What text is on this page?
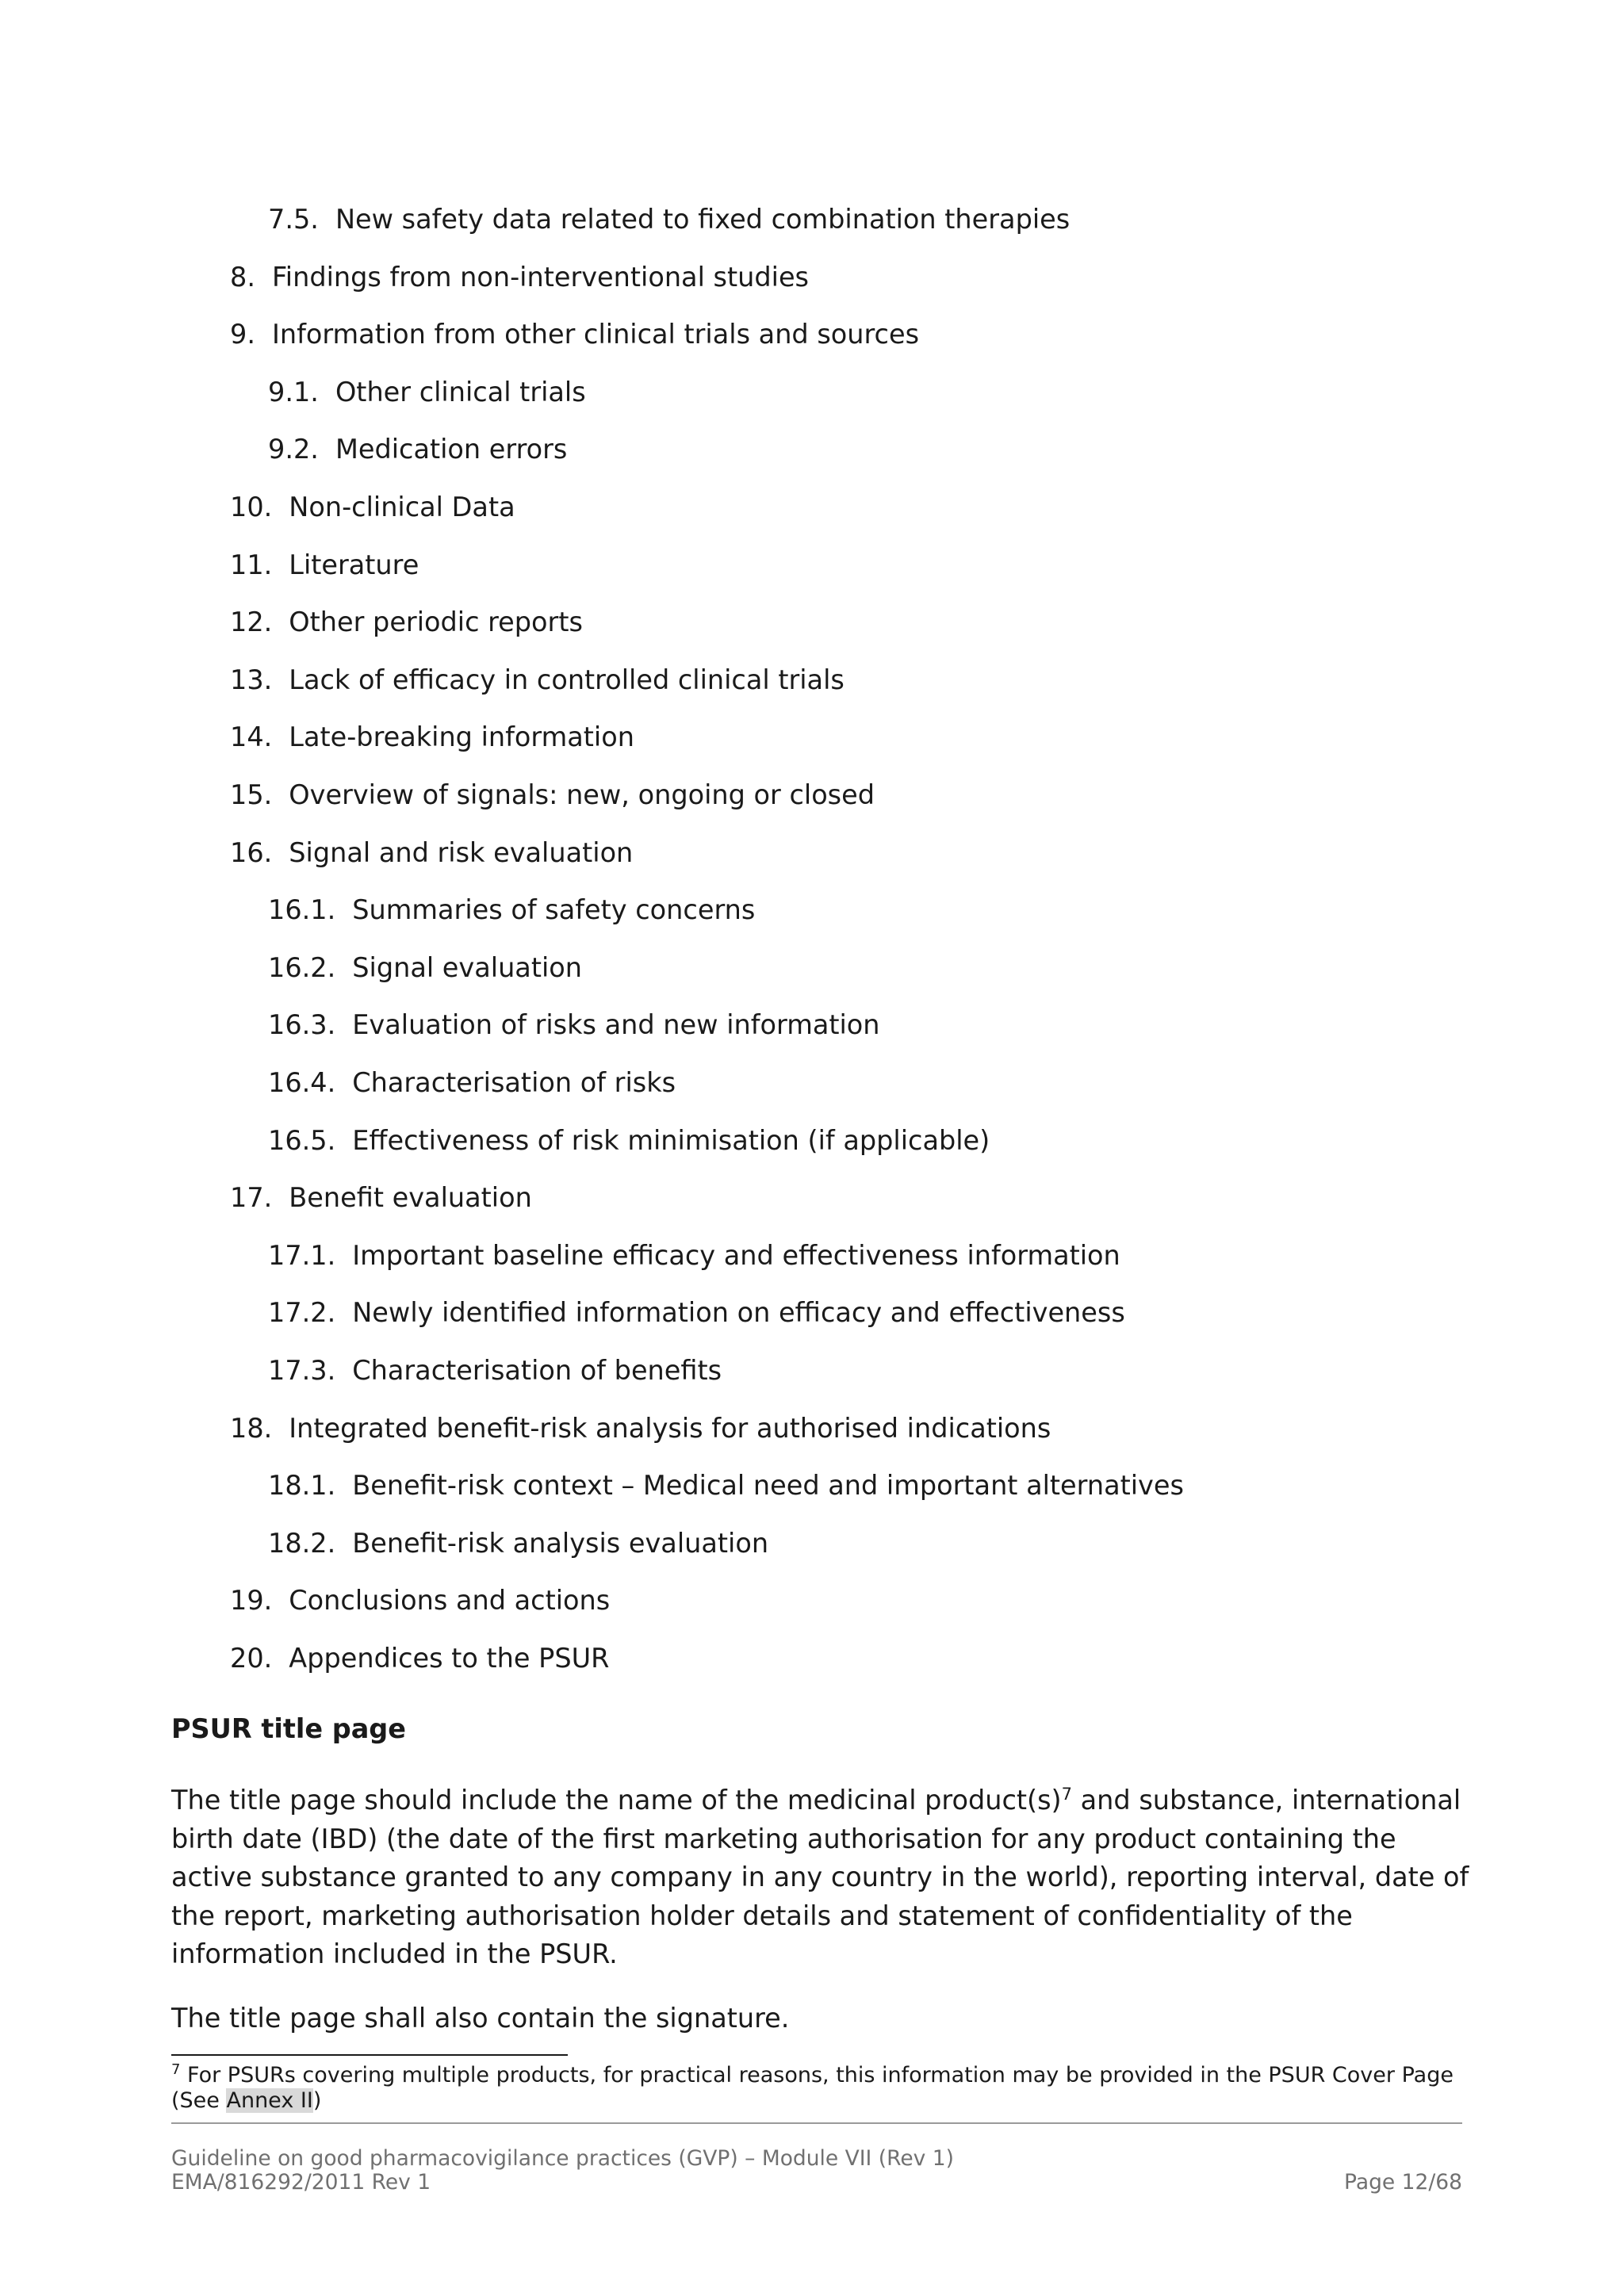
7.5. New safety data related to fixed combination therapies
8. Findings from non-interventional studies
9. Information from other clinical trials and sources
9.1. Other clinical trials
9.2. Medication errors
10. Non-clinical Data
11. Literature
12. Other periodic reports
13. Lack of efficacy in controlled clinical trials
14. Late-breaking information
15. Overview of signals: new, ongoing or closed
16. Signal and risk evaluation
16.1. Summaries of safety concerns
16.2. Signal evaluation
16.3. Evaluation of risks and new information
16.4. Characterisation of risks
16.5. Effectiveness of risk minimisation (if applicable)
17. Benefit evaluation
17.1. Important baseline efficacy and effectiveness information
17.2. Newly identified information on efficacy and effectiveness
17.3. Characterisation of benefits
18. Integrated benefit-risk analysis for authorised indications
18.1. Benefit-risk context – Medical need and important alternatives
18.2. Benefit-risk analysis evaluation
19. Conclusions and actions
20. Appendices to the PSUR
PSUR title page
The title page should include the name of the medicinal $product(s)^7$ and substance, international birth date (IBD) (the date of the first marketing authorisation for any product containing the active substance granted to any company in any country in the world), reporting interval, date of the report, marketing authorisation holder details and statement of confidentiality of the information included in the PSUR.
The title page shall also contain the signature.
$^7$ For PSURs covering multiple products, for practical reasons, this information may be provided in the PSUR Cover Page (See Annex II)
Guideline on good pharmacovigilance practices (GVP) – Module VII (Rev 1)
EMA/816292/2011 Rev 1	Page 12/68
